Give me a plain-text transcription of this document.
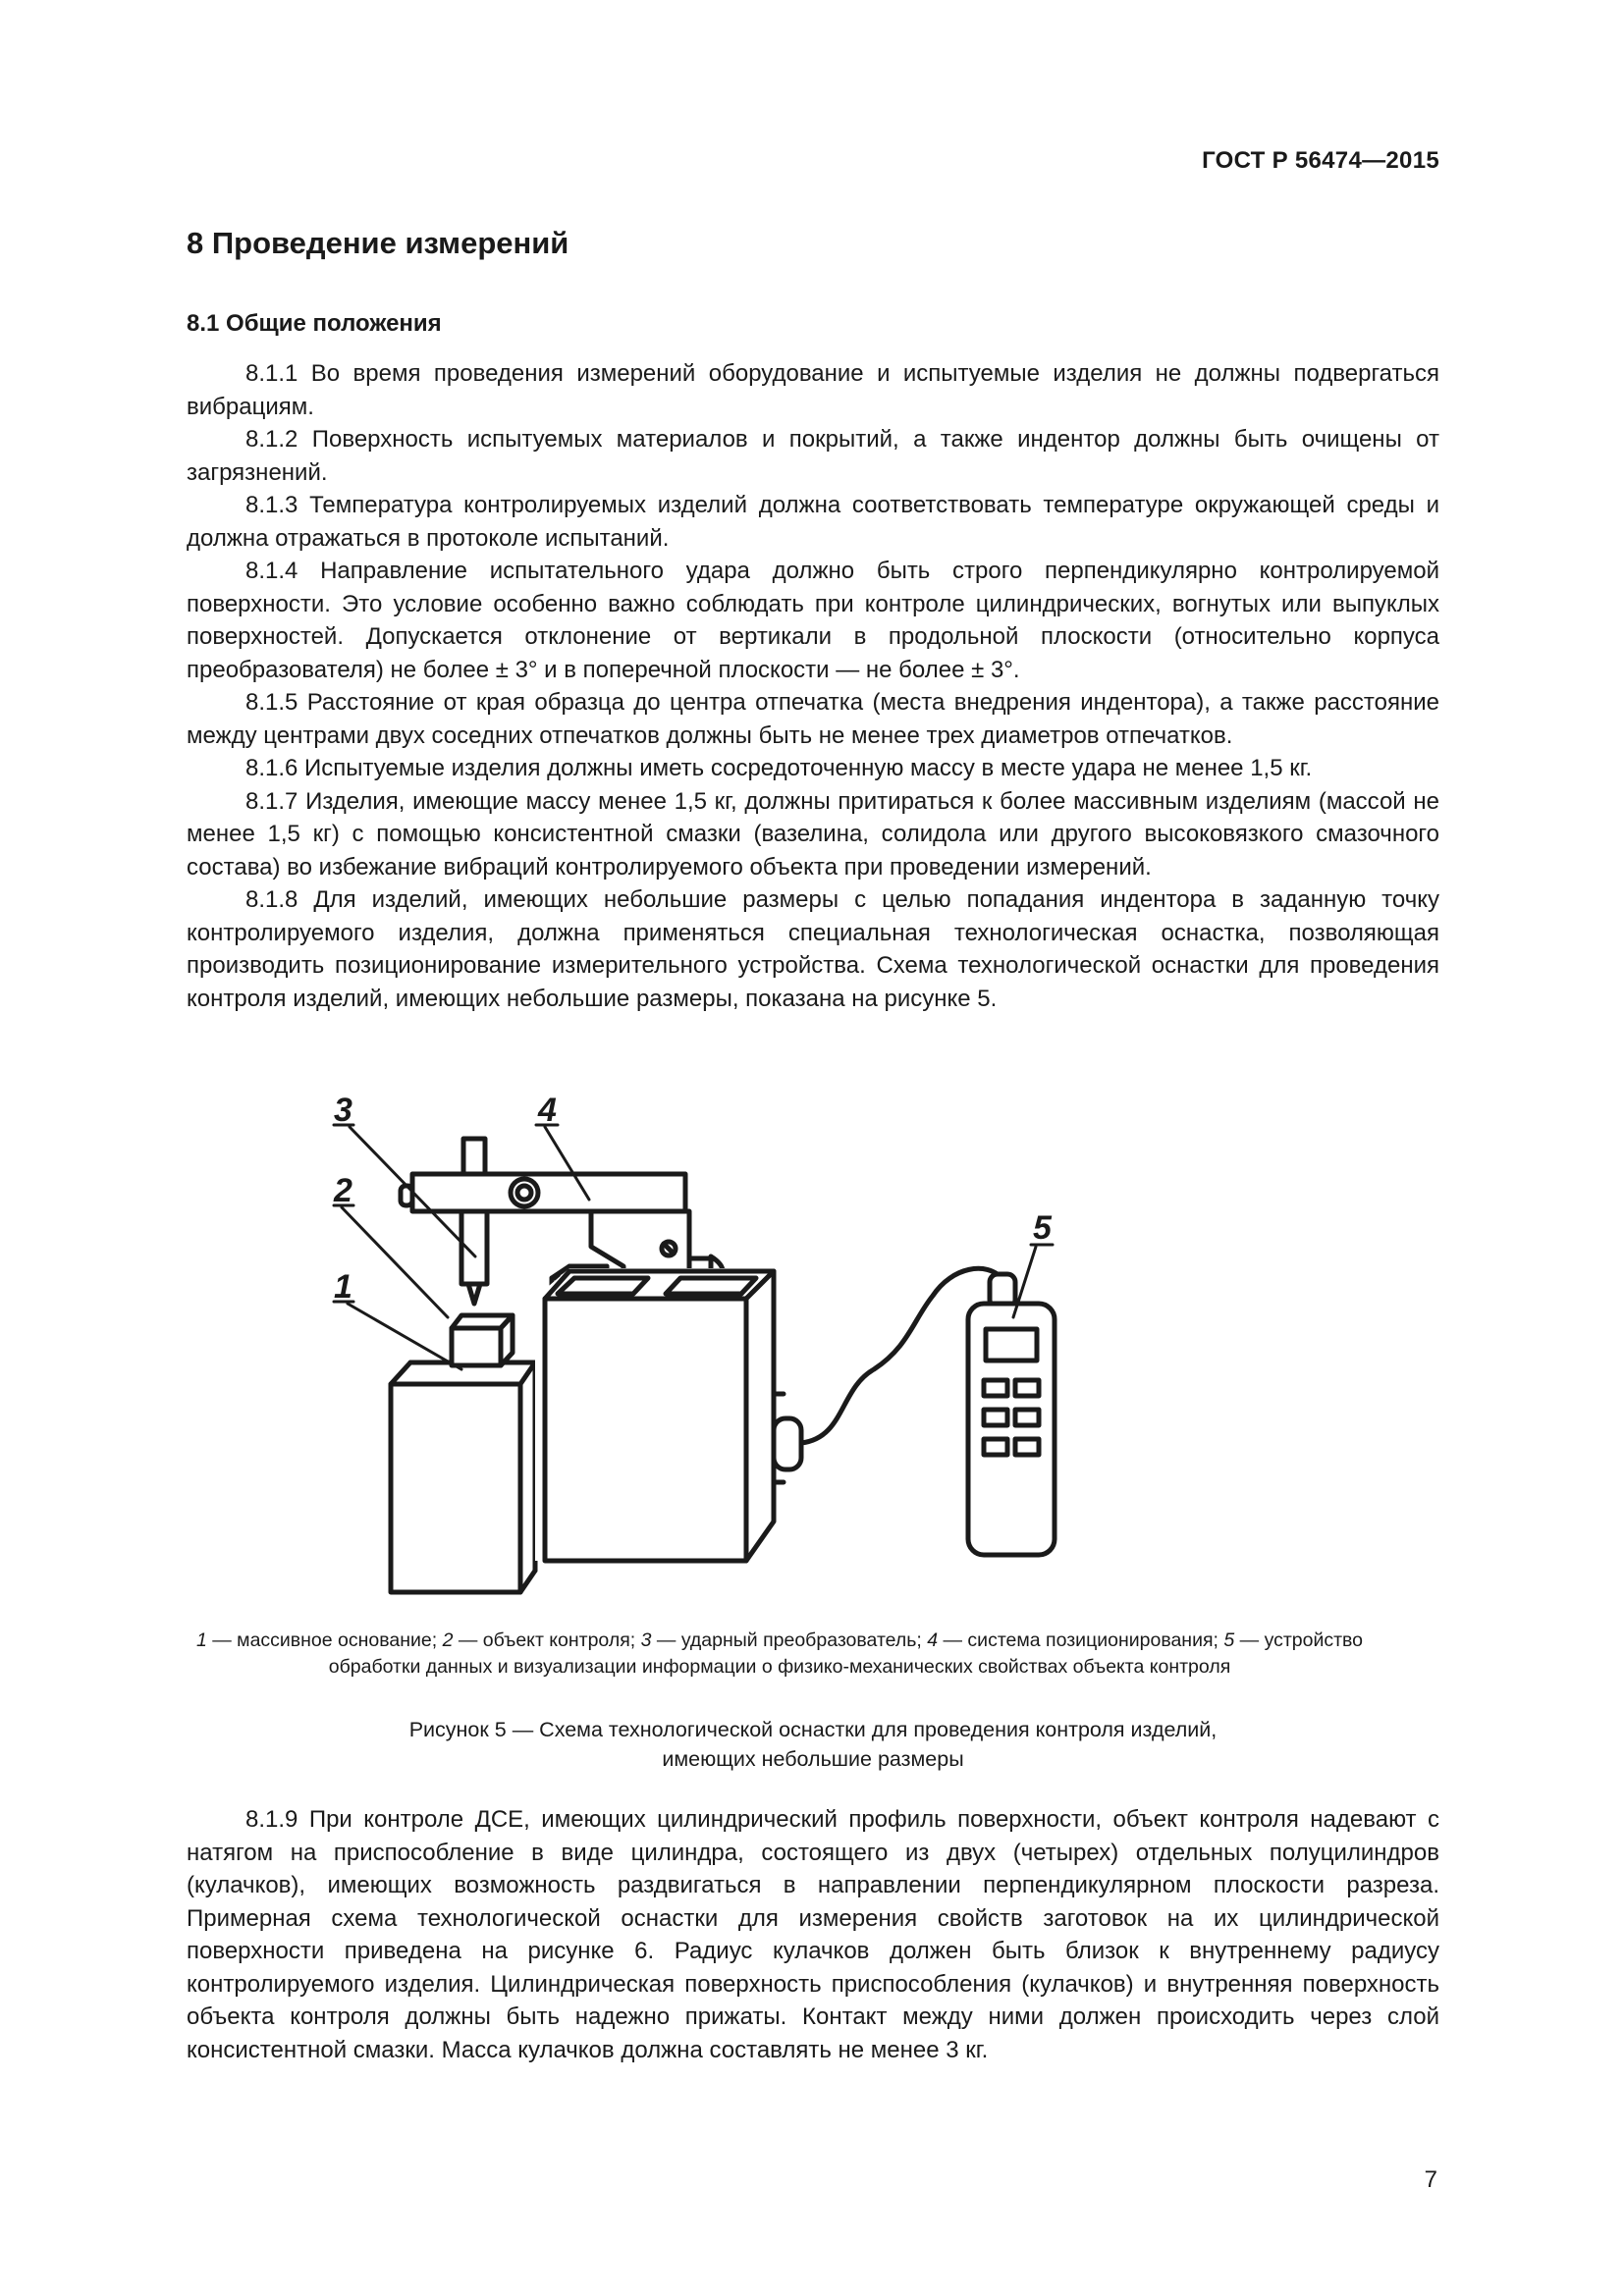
ГОСТ Р 56474—2015
8 Проведение измерений
8.1 Общие положения

8.1.1 Во время проведения измерений оборудование и испытуемые изделия не должны подвергаться вибрациям.

8.1.2 Поверхность испытуемых материалов и покрытий, а также индентор должны быть очищены от загрязнений.

8.1.3 Температура контролируемых изделий должна соответствовать температуре окружающей среды и должна отражаться в протоколе испытаний.

8.1.4 Направление испытательного удара должно быть строго перпендикулярно контролируемой поверхности. Это условие особенно важно соблюдать при контроле цилиндрических, вогнутых или выпуклых поверхностей. Допускается отклонение от вертикали в продольной плоскости (относительно корпуса преобразователя) не более ± 3° и в поперечной плоскости — не более ± 3°.

8.1.5 Расстояние от края образца до центра отпечатка (места внедрения индентора), а также расстояние между центрами двух соседних отпечатков должны быть не менее трех диаметров отпечатков.

8.1.6 Испытуемые изделия должны иметь сосредоточенную массу в месте удара не менее 1,5 кг.

8.1.7 Изделия, имеющие массу менее 1,5 кг, должны притираться к более массивным изделиям (массой не менее 1,5 кг) с помощью консистентной смазки (вазелина, солидола или другого высоковязкого смазочного состава) во избежание вибраций контролируемого объекта при проведении измерений.

8.1.8 Для изделий, имеющих небольшие размеры с целью попадания индентора в заданную точку контролируемого изделия, должна применяться специальная технологическая оснастка, позволяющая производить позиционирование измерительного устройства. Схема технологической оснастки для проведения контроля изделий, имеющих небольшие размеры, показана на рисунке 5.

3
2
1
4
5
1 — массивное основание; 2 — объект контроля; 3 — ударный преобразователь; 4 — система позиционирования; 5 — устройство
обработки данных и визуализации информации о физико-механических свойствах объекта контроля
Рисунок 5 — Схема технологической оснастки для проведения контроля изделий,
имеющих небольшие размеры

8.1.9 При контроле ДСЕ, имеющих цилиндрический профиль поверхности, объект контроля надевают с натягом на приспособление в виде цилиндра, состоящего из двух (четырех) отдельных полуцилиндров (кулачков), имеющих возможность раздвигаться в направлении перпендикулярном плоскости разреза. Примерная схема технологической оснастки для измерения свойств заготовок на их цилиндрической поверхности приведена на рисунке 6. Радиус кулачков должен быть близок к внутреннему радиусу контролируемого изделия. Цилиндрическая поверхность приспособления (кулачков) и внутренняя поверхность объекта контроля должны быть надежно прижаты. Контакт между ними должен происходить через слой консистентной смазки. Масса кулачков должна составлять не менее 3 кг.

7
